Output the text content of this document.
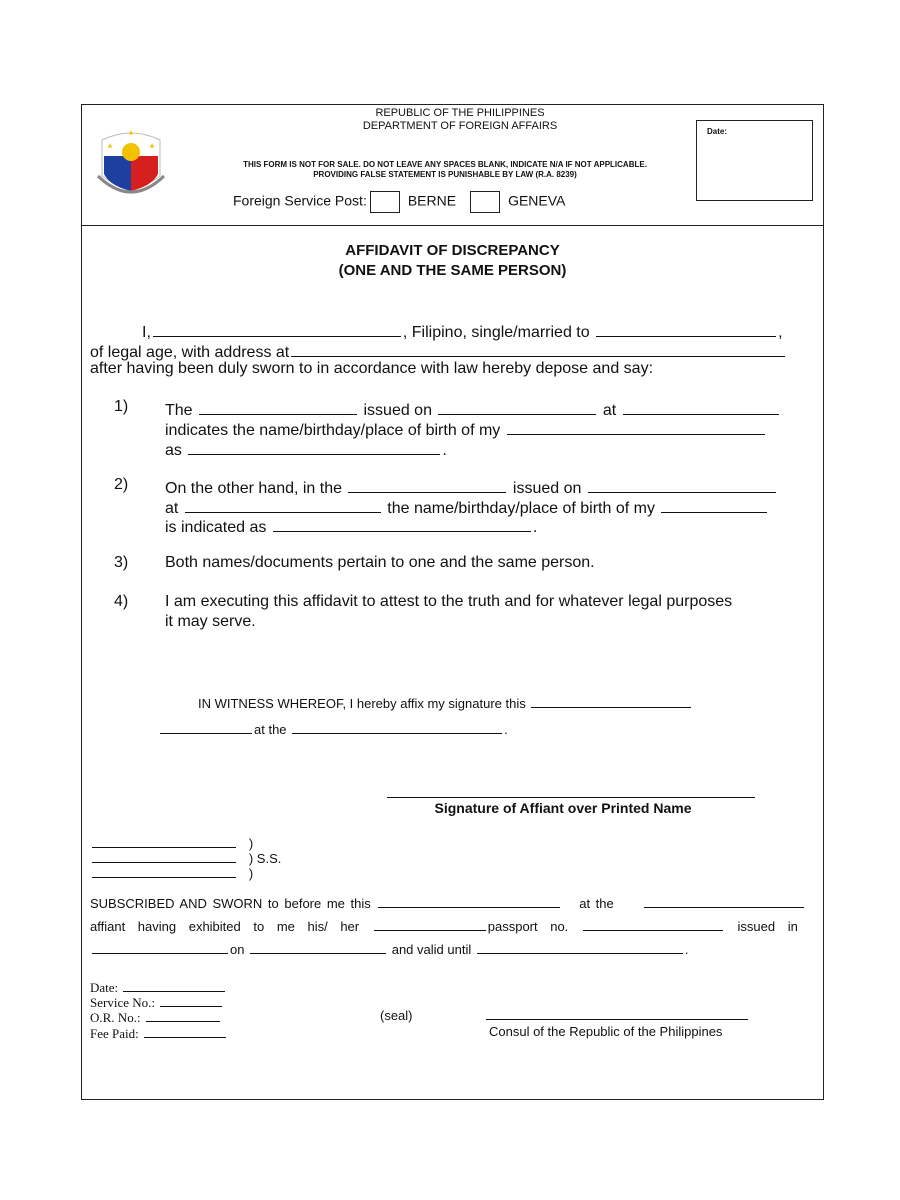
REPUBLIC OF THE PHILIPPINES
DEPARTMENT OF FOREIGN AFFAIRS
THIS FORM IS NOT FOR SALE. DO NOT LEAVE ANY SPACES BLANK, INDICATE N/A IF NOT APPLICABLE.
PROVIDING FALSE STATEMENT IS PUNISHABLE BY LAW (R.A. 8239)
Foreign Service Post:	BERNE	GENEVA
Date:
AFFIDAVIT OF DISCREPANCY
(ONE AND THE SAME PERSON)
I,	, Filipino, single/married to	,
of legal age, with address at
after having been duly sworn to in accordance with law hereby depose and say:
1) The	issued on	at
indicates the name/birthday/place of birth of my
as	.
2) On the other hand, in the	issued on
at	the name/birthday/place of birth of my
is indicated as	.
3) Both names/documents pertain to one and the same person.
4) I am executing this affidavit to attest to the truth and for whatever legal purposes
it may serve.
IN WITNESS WHEREOF, I hereby affix my signature this
at the	.
Signature of Affiant over Printed Name
)
) S.S.
)
SUBSCRIBED AND SWORN to before me this	at the
affiant having exhibited to me his/ her	passport no.	issued in
on	and valid until	.
Date:
Service No.:
O.R. No.:
Fee Paid:
(seal)
Consul of the Republic of the Philippines
